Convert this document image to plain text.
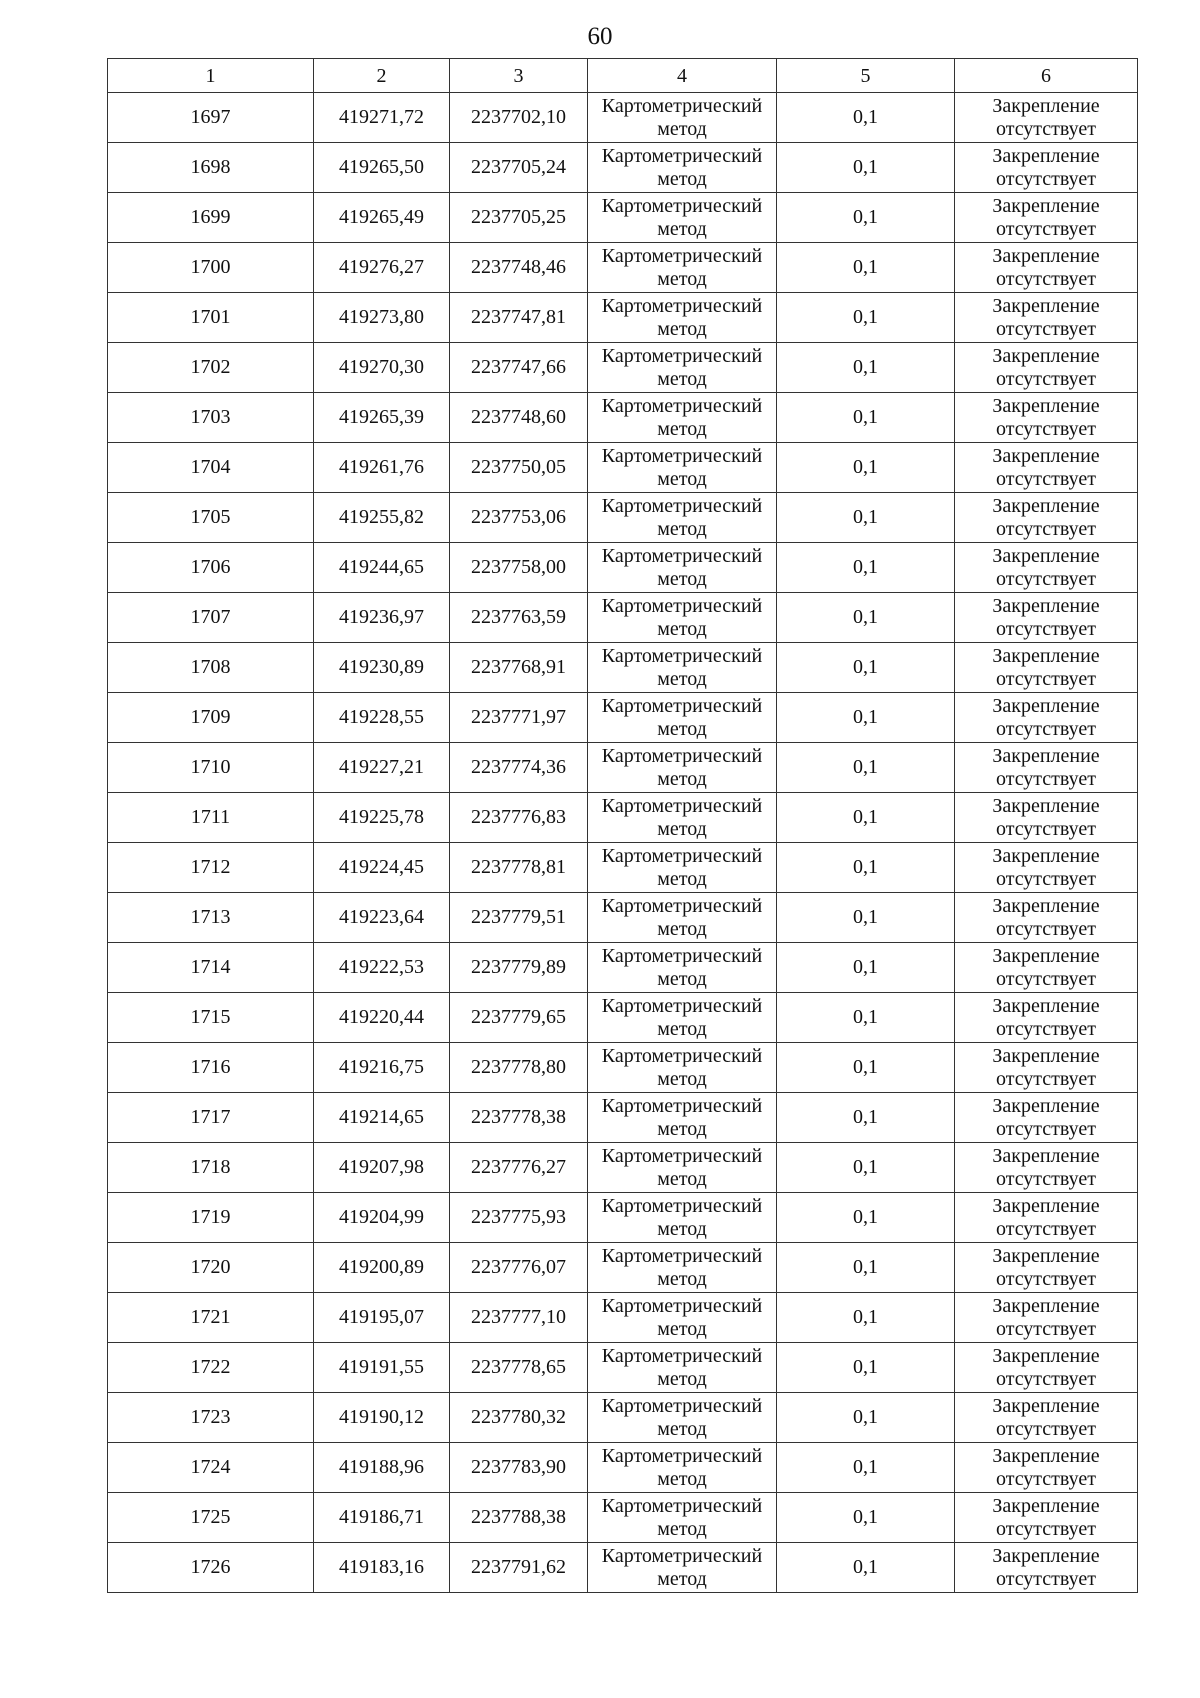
60
1	2	3	4	5	6
1697	419271,72	2237702,10	Картометрический метод	0,1	Закрепление отсутствует

1698	419265,50	2237705,24	Картометрический метод	0,1	Закрепление отсутствует

1699	419265,49	2237705,25	Картометрический метод	0,1	Закрепление отсутствует

1700	419276,27	2237748,46	Картометрический метод	0,1	Закрепление отсутствует

1701	419273,80	2237747,81	Картометрический метод	0,1	Закрепление отсутствует

1702	419270,30	2237747,66	Картометрический метод	0,1	Закрепление отсутствует

1703	419265,39	2237748,60	Картометрический метод	0,1	Закрепление отсутствует

1704	419261,76	2237750,05	Картометрический метод	0,1	Закрепление отсутствует

1705	419255,82	2237753,06	Картометрический метод	0,1	Закрепление отсутствует

1706	419244,65	2237758,00	Картометрический метод	0,1	Закрепление отсутствует

1707	419236,97	2237763,59	Картометрический метод	0,1	Закрепление отсутствует

1708	419230,89	2237768,91	Картометрический метод	0,1	Закрепление отсутствует

1709	419228,55	2237771,97	Картометрический метод	0,1	Закрепление отсутствует

1710	419227,21	2237774,36	Картометрический метод	0,1	Закрепление отсутствует

1711	419225,78	2237776,83	Картометрический метод	0,1	Закрепление отсутствует

1712	419224,45	2237778,81	Картометрический метод	0,1	Закрепление отсутствует

1713	419223,64	2237779,51	Картометрический метод	0,1	Закрепление отсутствует

1714	419222,53	2237779,89	Картометрический метод	0,1	Закрепление отсутствует

1715	419220,44	2237779,65	Картометрический метод	0,1	Закрепление отсутствует

1716	419216,75	2237778,80	Картометрический метод	0,1	Закрепление отсутствует

1717	419214,65	2237778,38	Картометрический метод	0,1	Закрепление отсутствует

1718	419207,98	2237776,27	Картометрический метод	0,1	Закрепление отсутствует

1719	419204,99	2237775,93	Картометрический метод	0,1	Закрепление отсутствует

1720	419200,89	2237776,07	Картометрический метод	0,1	Закрепление отсутствует

1721	419195,07	2237777,10	Картометрический метод	0,1	Закрепление отсутствует

1722	419191,55	2237778,65	Картометрический метод	0,1	Закрепление отсутствует

1723	419190,12	2237780,32	Картометрический метод	0,1	Закрепление отсутствует

1724	419188,96	2237783,90	Картометрический метод	0,1	Закрепление отсутствует

1725	419186,71	2237788,38	Картометрический метод	0,1	Закрепление отсутствует

1726	419183,16	2237791,62	Картометрический метод	0,1	Закрепление отсутствует
